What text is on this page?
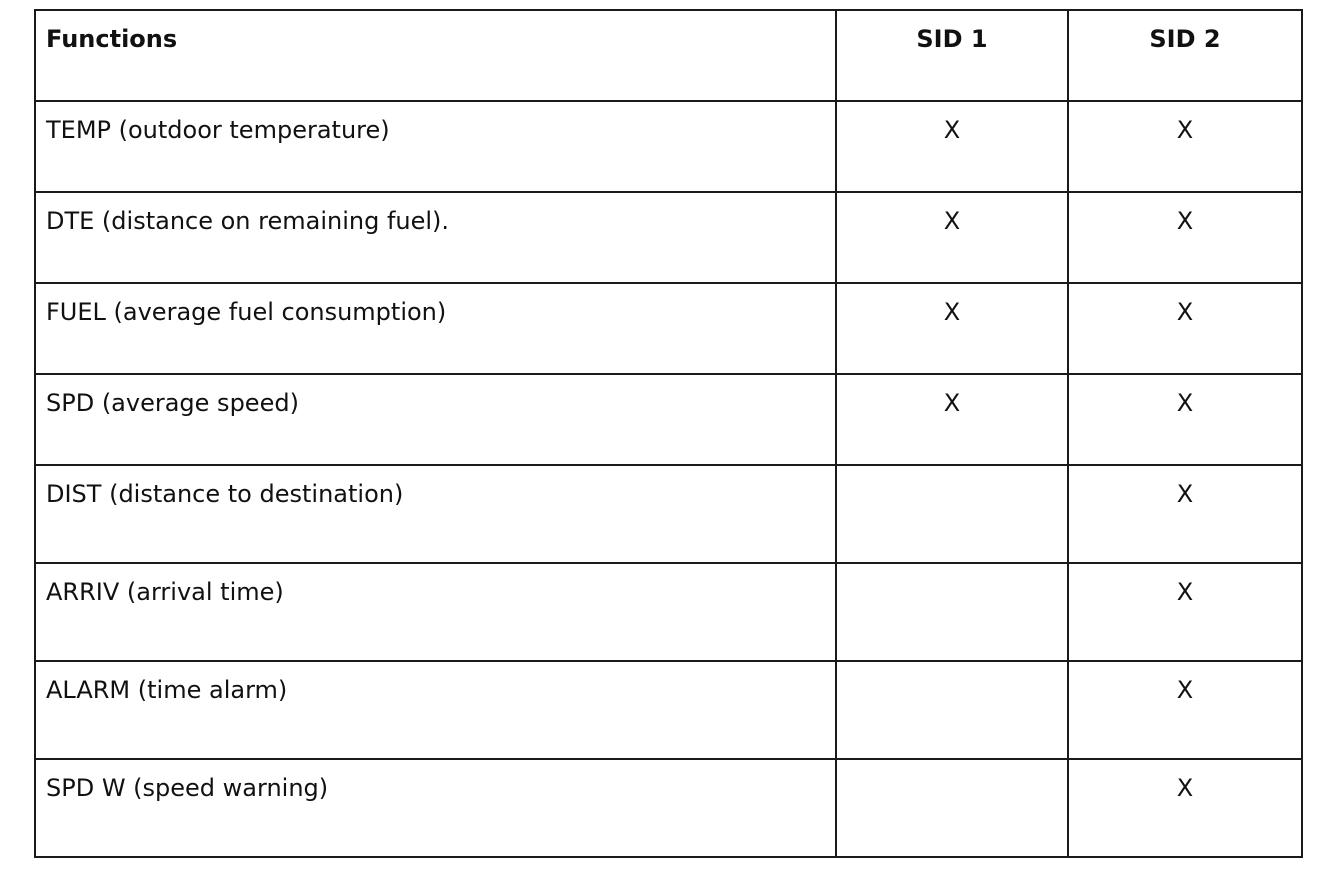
Functions	SID 1	SID 2
TEMP (outdoor temperature)	X	X
DTE (distance on remaining fuel).	X	X
FUEL (average fuel consumption)	X	X
SPD (average speed)	X	X
DIST (distance to destination)		X
ARRIV (arrival time)		X
ALARM (time alarm)		X
SPD W (speed warning)		X
